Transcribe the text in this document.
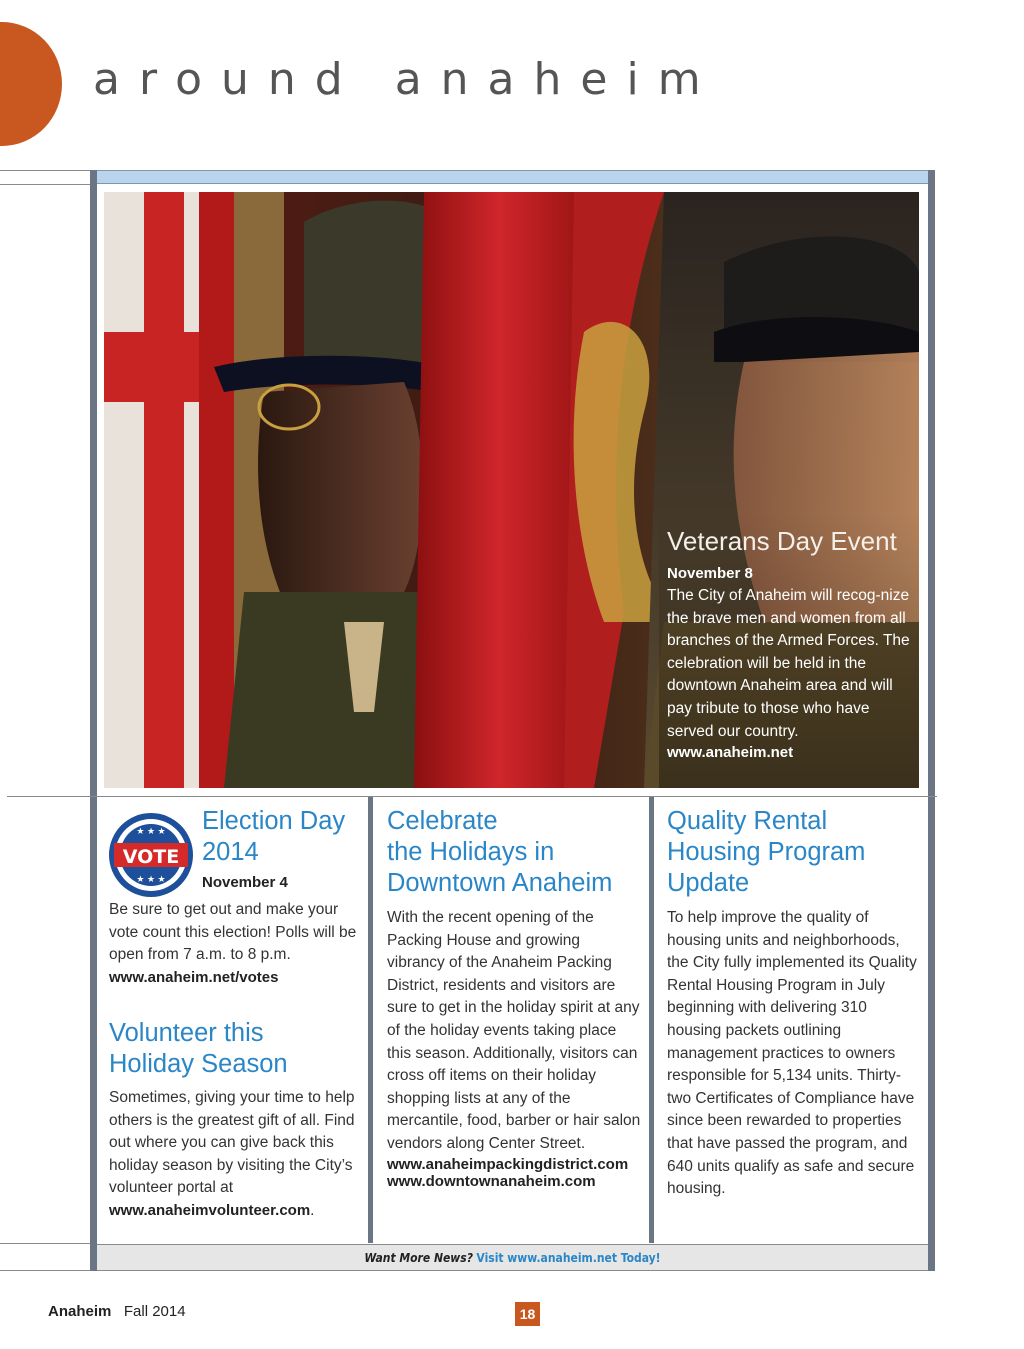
around anaheim
Veterans Day Event
November 8
The City of Anaheim will recog-nize the brave men and women from all branches of the Armed Forces. The celebration will be held in the downtown Anaheim area and will pay tribute to those who have served our country.
www.anaheim.net
VOTE
★ ★ ★
★ ★ ★
Election Day
2014
November 4
Be sure to get out and make your vote count this election! Polls will be open from 7 a.m. to 8 p.m.
www.anaheim.net/votes
Volunteer this
Holiday Season
Sometimes, giving your time to help others is the greatest gift of all. Find out where you can give back this holiday season by visiting the City’s volunteer portal at www.anaheimvolunteer.com.
Celebrate
the Holidays in
Downtown Anaheim
With the recent opening of the Packing House and growing vibrancy of the Anaheim Packing District, residents and visitors are sure to get in the holiday spirit at any of the holiday events taking place this season. Additionally, visitors can cross off items on their holiday shopping lists at any of the mercantile, food, barber or hair salon vendors along Center Street.
www.anaheimpackingdistrict.com
www.downtownanaheim.com
Quality Rental
Housing Program
Update
To help improve the quality of housing units and neighborhoods, the City fully implemented its Quality Rental Housing Program in July beginning with delivering 310 housing packets outlining management practices to owners responsible for 5,134 units. Thirty-two Certificates of Compliance have since been rewarded to properties that have passed the program, and 640 units qualify as safe and secure housing.
Want More News? Visit www.anaheim.net Today!
Anaheim Fall 2014	18
